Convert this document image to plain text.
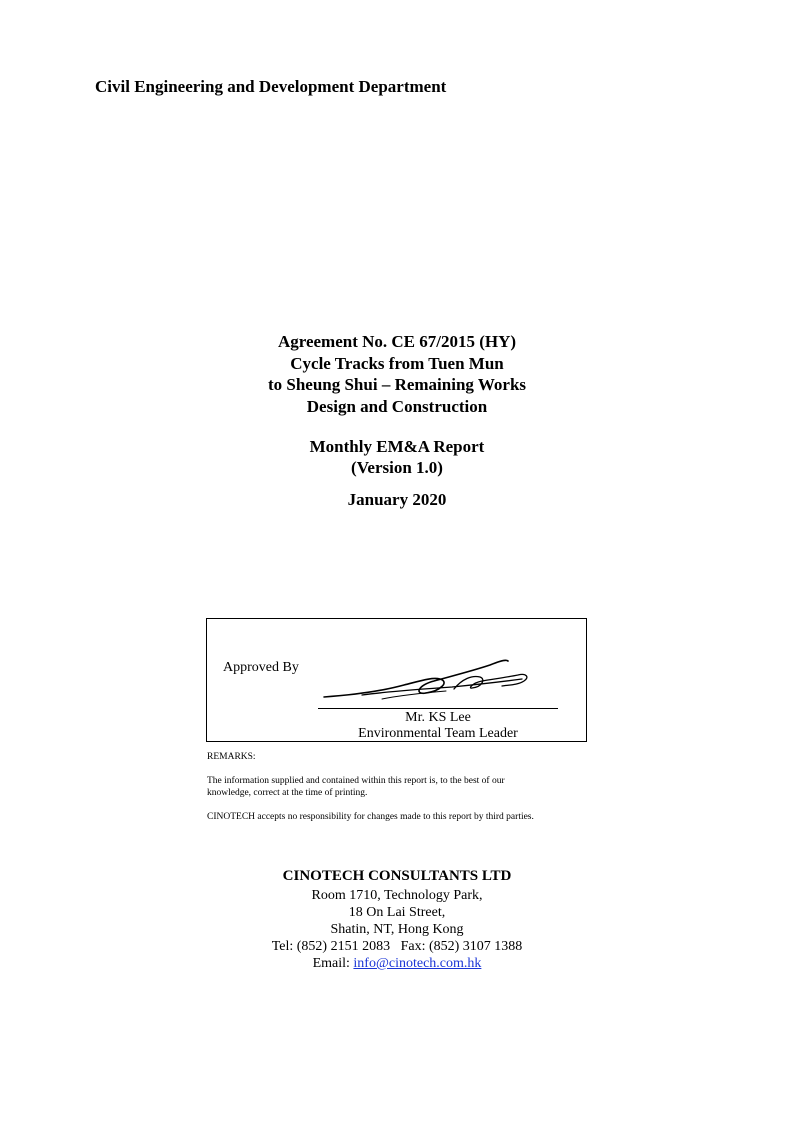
Civil Engineering and Development Department
Agreement No. CE 67/2015 (HY)
Cycle Tracks from Tuen Mun
to Sheung Shui – Remaining Works
Design and Construction
Monthly EM&A Report
(Version 1.0)
January 2020
Approved By
Mr. KS Lee
Environmental Team Leader

REMARKS:

The information supplied and contained within this report is, to the best of our

knowledge, correct at the time of printing.

CINOTECH accepts no responsibility for changes made to this report by third parties.

CINOTECH CONSULTANTS LTD
Room 1710, Technology Park,
18 On Lai Street,
Shatin, NT, Hong Kong
Tel: (852) 2151 2083   Fax: (852) 3107 1388
Email: info@cinotech.com.hk
